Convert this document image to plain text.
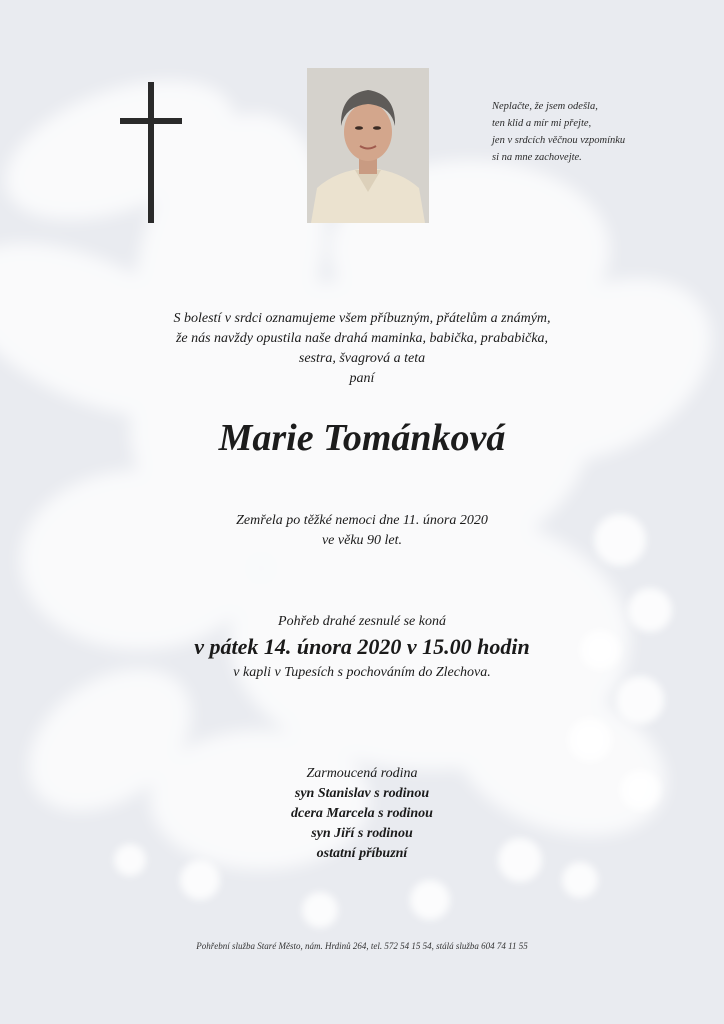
Neplačte, že jsem odešla,
ten klid a mír mi přejte,
jen v srdcích věčnou vzpomínku
si na mne zachovejte.
S bolestí v srdci oznamujeme všem příbuzným, přátelům a známým,
že nás navždy opustila naše drahá maminka, babička, prababička,
sestra, švagrová a teta
paní
Marie Tománková
Zemřela po těžké nemoci dne 11. února 2020
ve věku 90 let.
Pohřeb drahé zesnulé se koná
v pátek 14. února 2020 v 15.00 hodin
v kapli v Tupesích s pochováním do Zlechova.
Zarmoucená rodina
syn Stanislav s rodinou
dcera Marcela s rodinou
syn Jiří s rodinou
ostatní příbuzní
Pohřební služba Staré Město, nám. Hrdinů 264, tel. 572 54 15 54, stálá služba 604 74 11 55
